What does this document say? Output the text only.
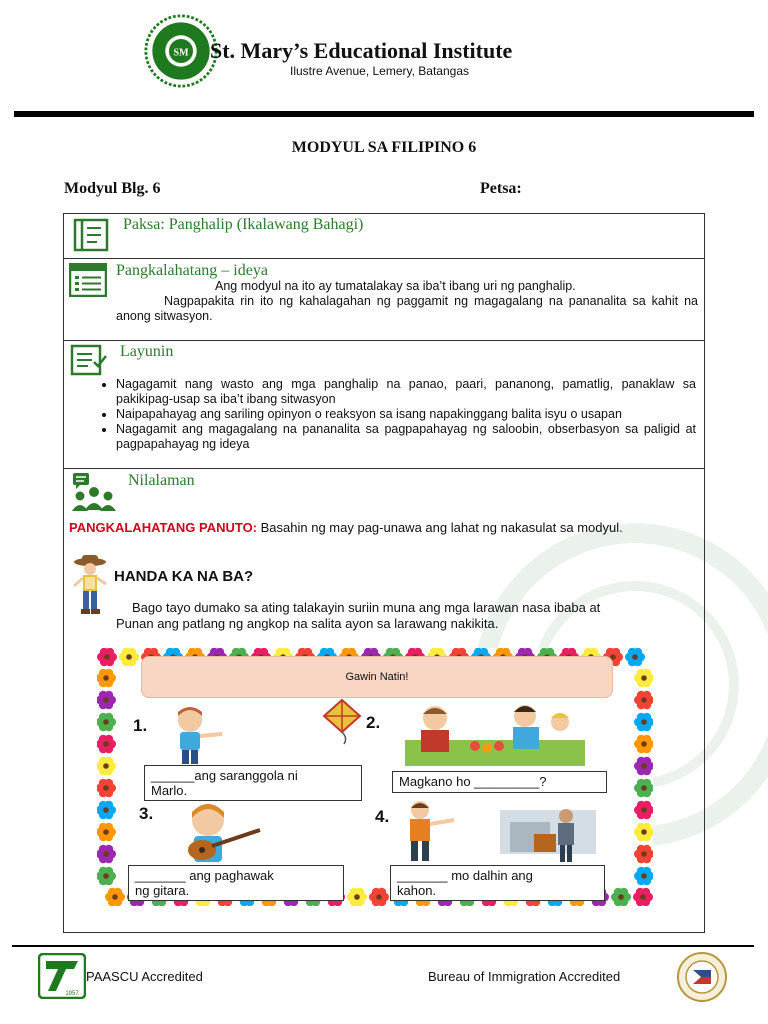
SM St. Mary’s Educational Institute
Ilustre Avenue, Lemery, Batangas
MODYUL SA FILIPINO 6
Modyul Blg. 6	Petsa:
Paksa: Panghalip (Ikalawang Bahagi)
Pangkalahatang – ideya
Ang modyul na ito ay tumatalakay sa iba’t ibang uri ng panghalip.
Nagpapakita rin ito ng kahalagahan ng paggamit ng magagalang na pananalita sa kahit na anong sitwasyon.
Layunin
• Nagagamit nang wasto ang mga panghalip na panao, paari, pananong, pamatlig, panaklaw sa pakikipag-usap sa iba’t ibang sitwasyon
• Naipapahayag ang sariling opinyon o reaksyon sa isang napakinggang balita isyu o usapan
• Nagagamit ang magagalang na pananalita sa pagpapahayag ng saloobin, obserbasyon sa paligid at pagpapahayag ng ideya
Nilalaman
PANGKALAHATANG PANUTO: Basahin ng may pag-unawa ang lahat ng nakasulat sa modyul.
HANDA KA NA BA?
Bago tayo dumako sa ating talakayin suriin muna ang mga larawan nasa ibaba at
Punan ang patlang ng angkop na salita ayon sa larawang nakikita.
Gawin Natin!
1.
______ang saranggola ni
Marlo.
2.
Magkano ho _________?
3.
_______ ang paghawak
ng gitara.
4.
_______ mo dalhin ang
kahon.
1957
PAASCU Accredited	Bureau of Immigration Accredited
